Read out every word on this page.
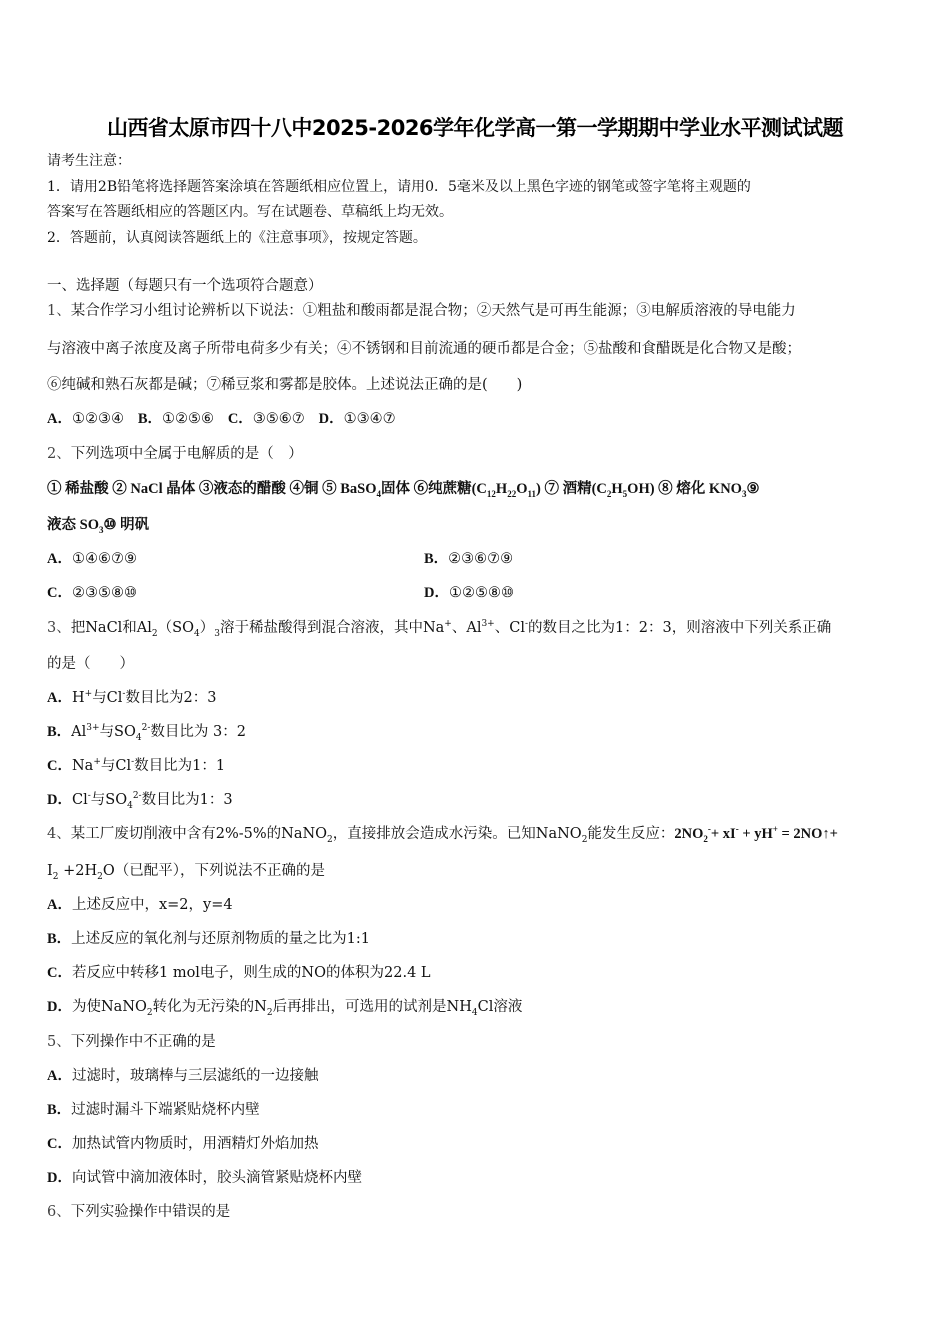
山西省太原市四十八中2025-2026学年化学高一第一学期期中学业水平测试试题
请考生注意：
1．请用2B铅笔将选择题答案涂填在答题纸相应位置上，请用0．5毫米及以上黑色字迹的钢笔或签字笔将主观题的
答案写在答题纸相应的答题区内。写在试题卷、草稿纸上均无效。
2．答题前，认真阅读答题纸上的《注意事项》，按规定答题。
一、选择题（每题只有一个选项符合题意）
1、某合作学习小组讨论辨析以下说法：①粗盐和酸雨都是混合物；②天然气是可再生能源；③电解质溶液的导电能力
与溶液中离子浓度及离子所带电荷多少有关；④不锈钢和目前流通的硬币都是合金；⑤盐酸和食醋既是化合物又是酸；
⑥纯碱和熟石灰都是碱；⑦稀豆浆和雾都是胶体。上述说法正确的是(　　)
A．①②③④ B．①②⑤⑥ C．③⑤⑥⑦ D．①③④⑦
2、下列选项中全属于电解质的是（　）
① 稀盐酸 ② NaCl 晶体 ③液态的醋酸 ④铜 ⑤ BaSO$_4$固体 ⑥纯蔗糖$(C_{12}H_{22}O_{11})$ ⑦ 酒精$(C_2H_5OH)$ ⑧ 熔化 $KNO_3⑨$
液态 $SO_3⑩$ 明矾
A．①④⑥⑦⑨	B．②③⑥⑦⑨
C．②③⑤⑧⑩	D．①②⑤⑧⑩
3、把NaCl和$Al_2(SO_4)_3$溶于稀盐酸得到混合溶液，其中Na+、$Al^{3+}$、Cl-的数目之比为1：2：3，则溶液中下列关系正确
的是（　　）
A．H+与Cl-数目比为2：3
B．$Al^{3+}$与$SO_4^{2-}$数目比为 3：2
C．Na+与Cl-数目比为1：1
D．Cl-与$SO_4^{2-}$数目比为1：3
4、某工厂废切削液中含有2%-5%的NaNO$_2$，直接排放会造成水污染。已知NaNO$_2$能发生反应：$2NO_2^-+ xI^- + yH^+$ = 2NO↑+
$I_2 +2H_2O$（已配平），下列说法不正确的是
A．上述反应中，x=2，y=4
B．上述反应的氧化剂与还原剂物质的量之比为1:1
C．若反应中转移1 mol电子，则生成的NO的体积为22.4 L
D．为使NaNO$_2$转化为无污染的$N_2$后再排出，可选用的试剂是$NH_4Cl$溶液
5、下列操作中不正确的是
A．过滤时，玻璃棒与三层滤纸的一边接触
B．过滤时漏斗下端紧贴烧杯内壁
C．加热试管内物质时，用酒精灯外焰加热
D．向试管中滴加液体时，胶头滴管紧贴烧杯内壁
6、下列实验操作中错误的是
